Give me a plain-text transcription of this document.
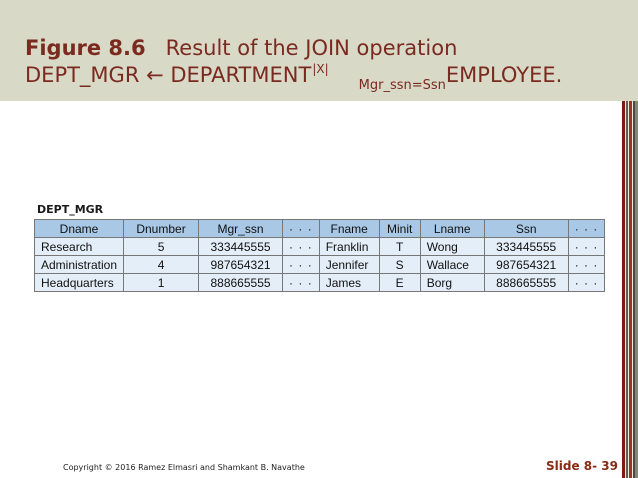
Figure 8.6 Result of the JOIN operation
DEPT_MGR ← $DEPARTMENT^{|X|}_{Mgr\_ssn=Ssn}EMPLOYEE$.
DEPT_MGR
Dname	Dnumber	Mgr_ssn	· · ·	Fname	Minit	Lname	Ssn	· · ·
Research	5	333445555	· · ·	Franklin	T	Wong	333445555	· · ·
Administration	4	987654321	· · ·	Jennifer	S	Wallace	987654321	· · ·
Headquarters	1	888665555	· · ·	James	E	Borg	888665555	· · ·
Copyright © 2016 Ramez Elmasri and Shamkant B. Navathe	Slide 8- 39
